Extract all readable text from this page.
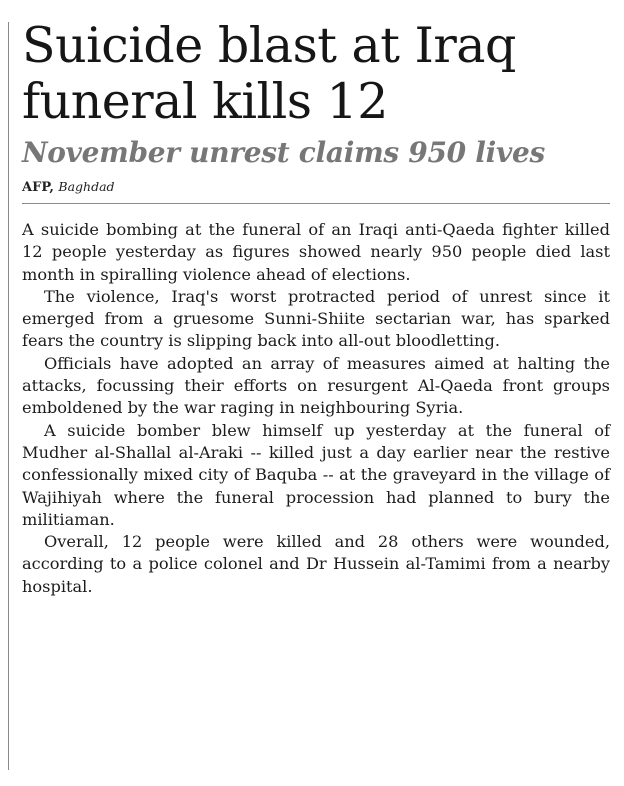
Suicide blast at Iraq
funeral kills 12
November unrest claims 950 lives
AFP, Baghdad

A suicide bombing at the funeral of an Iraqi anti-Qaeda fighter killed 12 people yesterday as figures showed nearly 950 people died last month in spiralling violence ahead of elections.

The violence, Iraq's worst protracted period of unrest since it emerged from a gruesome Sunni-Shiite sectarian war, has sparked fears the country is slipping back into all-out bloodletting.

Officials have adopted an array of measures aimed at halting the attacks, focussing their efforts on resurgent Al-Qaeda front groups emboldened by the war raging in neighbouring Syria.

A suicide bomber blew himself up yesterday at the funeral of Mudher al-Shallal al-Araki -- killed just a day earlier near the restive confessionally mixed city of Baquba -- at the graveyard in the village of Wajihiyah where the funeral procession had planned to bury the militiaman.

Overall, 12 people were killed and 28 others were wounded, according to a police colonel and Dr Hussein al-Tamimi from a nearby hospital.
